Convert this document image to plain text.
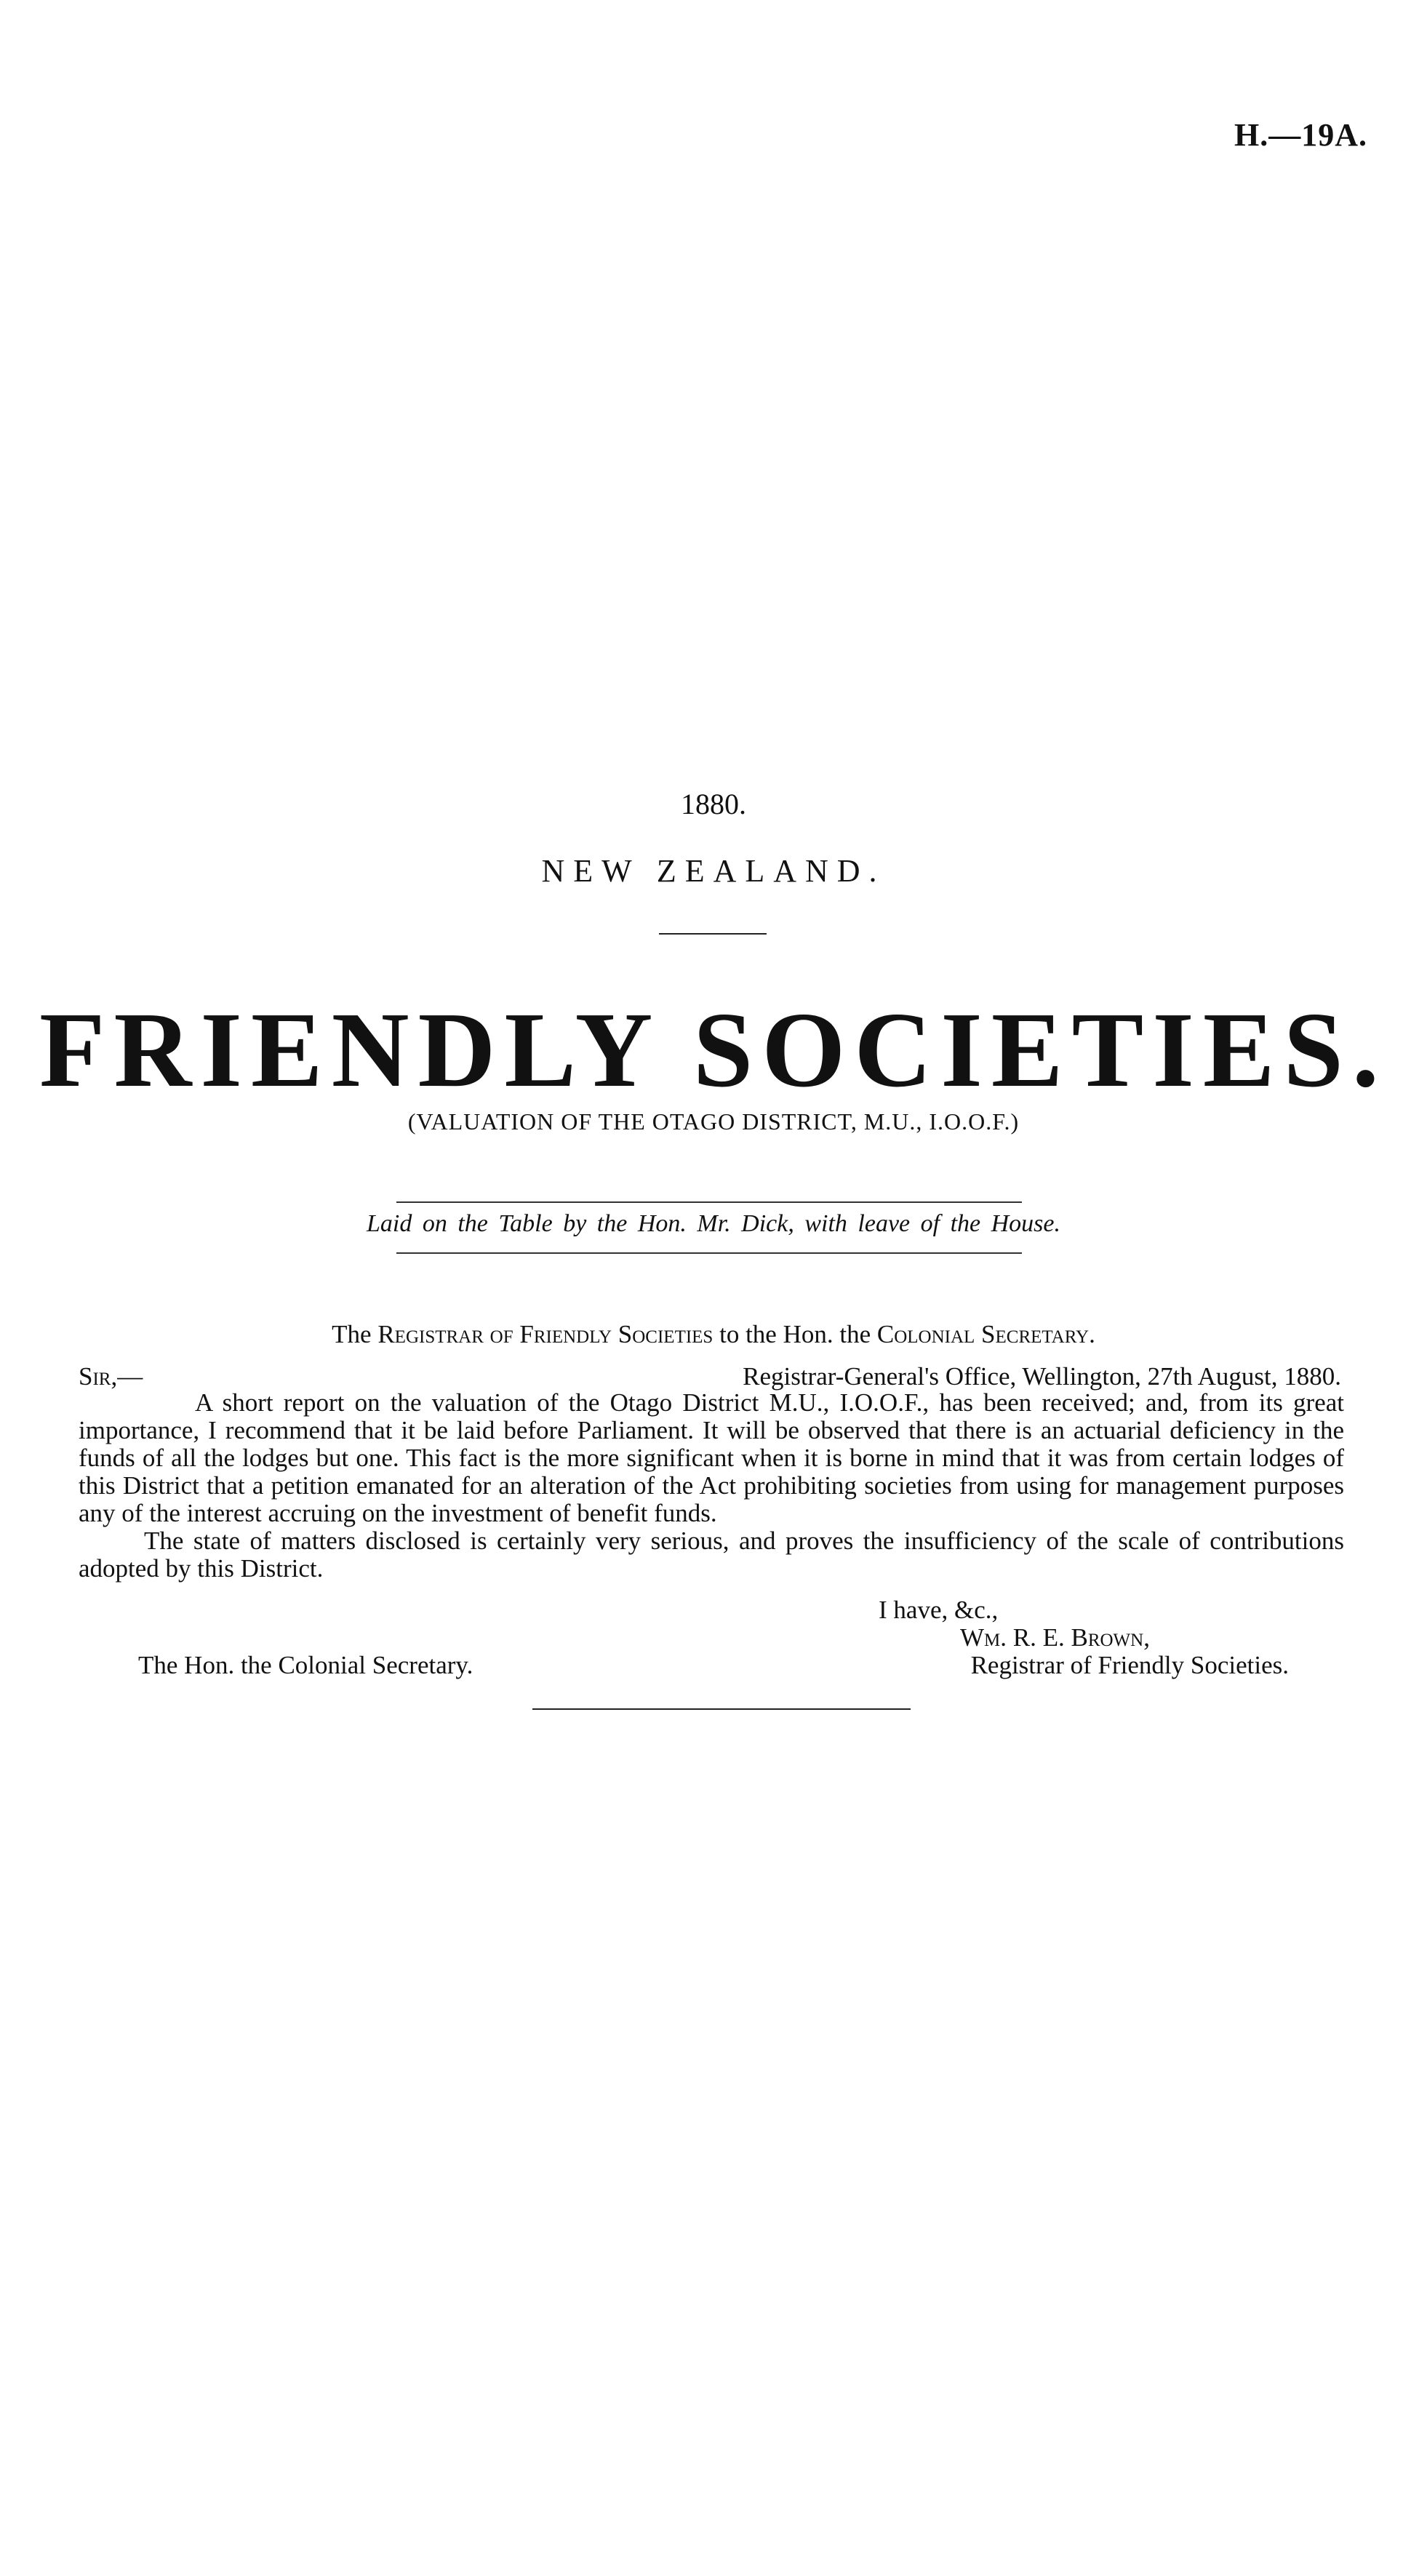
H.—19A.
1880.
NEW ZEALAND.
FRIENDLY SOCIETIES.
(VALUATION OF THE OTAGO DISTRICT, M.U., I.O.O.F.)
Laid on the Table by the Hon. Mr. Dick, with leave of the House.
The Registrar of Friendly Societies to the Hon. the Colonial Secretary.
Sir,—	Registrar-General's Office, Wellington, 27th August, 1880.

A short report on the valuation of the Otago District M.U., I.O.O.F., has been received; and, from its great importance, I recommend that it be laid before Parliament. It will be observed that there is an actuarial deficiency in the funds of all the lodges but one. This fact is the more significant when it is borne in mind that it was from certain lodges of this District that a petition emanated for an alteration of the Act prohibiting societies from using for management purposes any of the interest accruing on the investment of benefit funds.

The state of matters disclosed is certainly very serious, and proves the insufficiency of the scale of contributions adopted by this District.

I have, &c.,
Wm. R. E. Brown,
The Hon. the Colonial Secretary.	Registrar of Friendly Societies.
